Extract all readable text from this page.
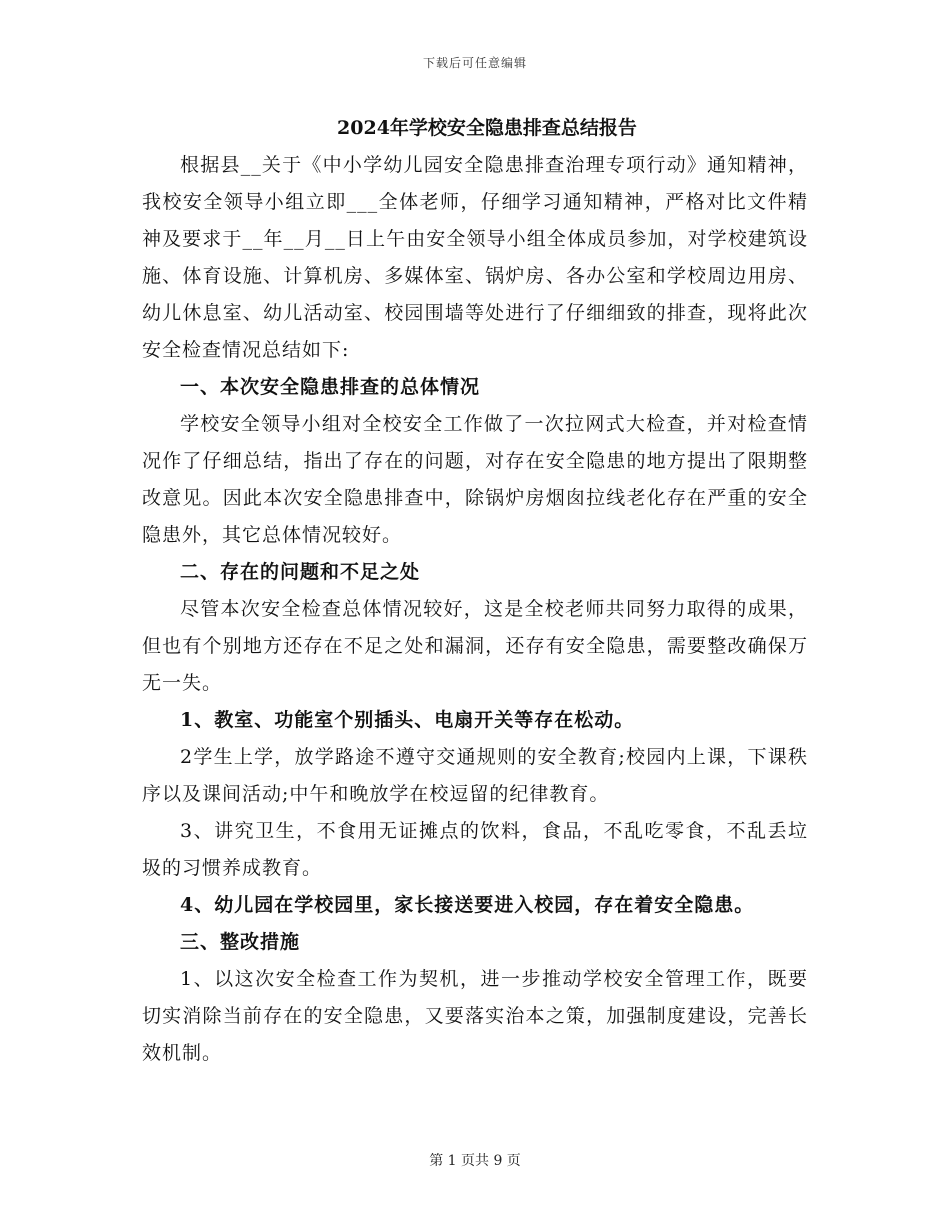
下载后可任意编辑

2024年学校安全隐患排查总结报告

根据县__关于《中小学幼儿园安全隐患排查治理专项行动》通知精神，我校安全领导小组立即___全体老师，仔细学习通知精神，严格对比文件精神及要求于__年__月__日上午由安全领导小组全体成员参加，对学校建筑设施、体育设施、计算机房、多媒体室、锅炉房、各办公室和学校周边用房、幼儿休息室、幼儿活动室、校园围墙等处进行了仔细细致的排查，现将此次安全检查情况总结如下:

一、本次安全隐患排查的总体情况

学校安全领导小组对全校安全工作做了一次拉网式大检查，并对检查情况作了仔细总结，指出了存在的问题，对存在安全隐患的地方提出了限期整改意见。因此本次安全隐患排查中，除锅炉房烟囱拉线老化存在严重的安全隐患外，其它总体情况较好。

二、存在的问题和不足之处

尽管本次安全检查总体情况较好，这是全校老师共同努力取得的成果，但也有个别地方还存在不足之处和漏洞，还存有安全隐患，需要整改确保万无一失。

1、教室、功能室个别插头、电扇开关等存在松动。

2学生上学，放学路途不遵守交通规则的安全教育;校园内上课，下课秩序以及课间活动;中午和晚放学在校逗留的纪律教育。

3、讲究卫生，不食用无证摊点的饮料，食品，不乱吃零食，不乱丢垃圾的习惯养成教育。

4、幼儿园在学校园里，家长接送要进入校园，存在着安全隐患。

三、整改措施

1、以这次安全检查工作为契机，进一步推动学校安全管理工作，既要切实消除当前存在的安全隐患，又要落实治本之策，加强制度建设，完善长效机制。

第 1 页共 9 页
